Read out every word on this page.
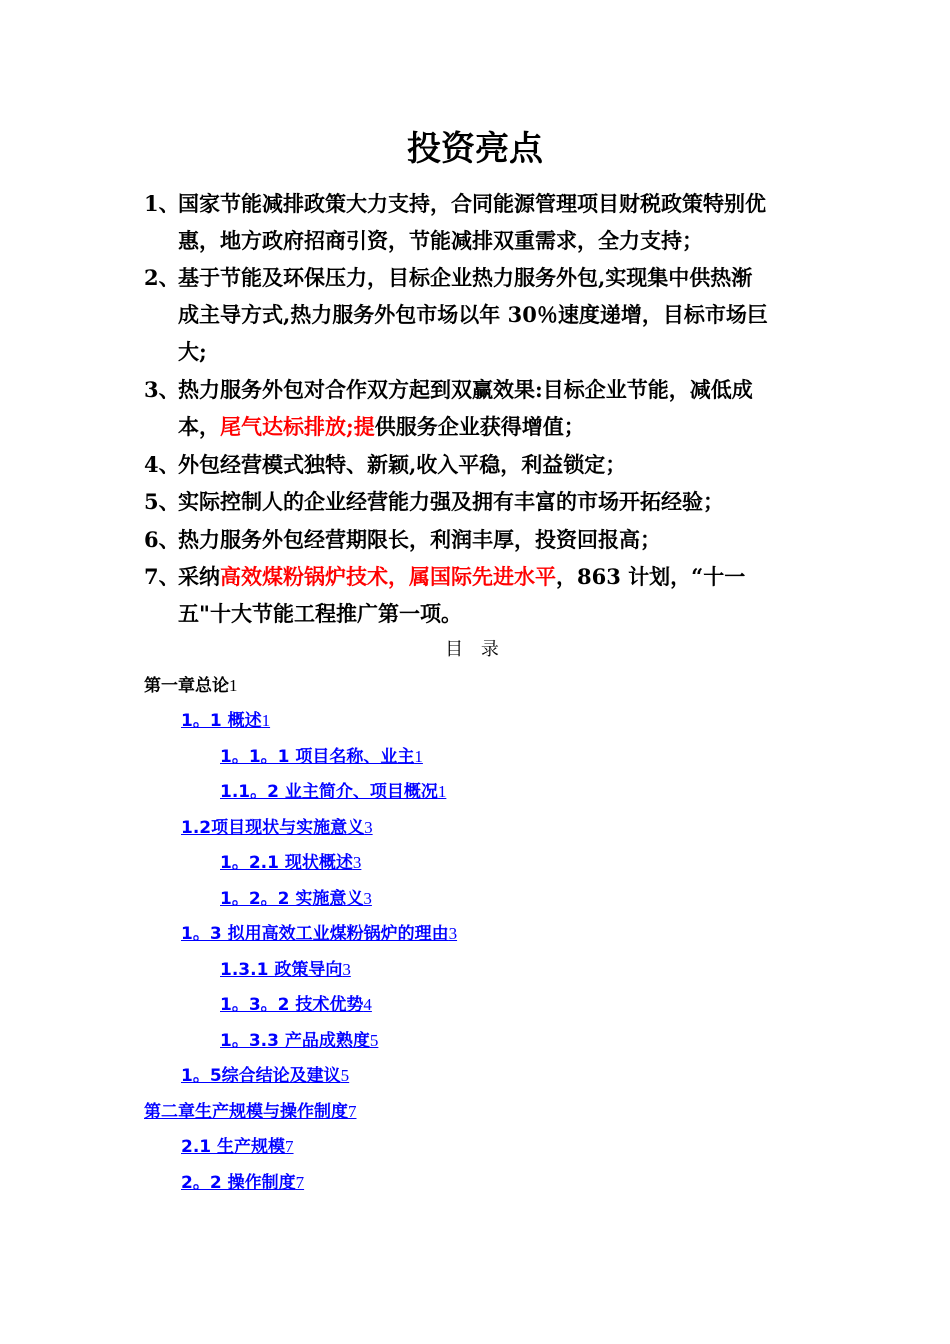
投资亮点
1、国家节能减排政策大力支持，合同能源管理项目财税政策特别优
惠，地方政府招商引资，节能减排双重需求，全力支持；
2、基于节能及环保压力，目标企业热力服务外包,实现集中供热渐
成主导方式,热力服务外包市场以年 30％速度递增，目标市场巨
大;
3、热力服务外包对合作双方起到双赢效果:目标企业节能，减低成
本，尾气达标排放;提供服务企业获得增值；
4、外包经营模式独特、新颖,收入平稳，利益锁定；
5、实际控制人的企业经营能力强及拥有丰富的市场开拓经验；
6、热力服务外包经营期限长，利润丰厚，投资回报高；
7、采纳高效煤粉锅炉技术，属国际先进水平，863 计划，“十一
五"十大节能工程推广第一项。
目 录
第一章总论1
1。1 概述1
1。1。1 项目名称、业主1
1.1。2 业主简介、项目概况1
1.2项目现状与实施意义3
1。2.1 现状概述3
1。2。2 实施意义3
1。3 拟用高效工业煤粉锅炉的理由3
1.3.1 政策导向3
1。3。2 技术优势4
1。3.3 产品成熟度5
1。5综合结论及建议5
第二章生产规模与操作制度7
2.1 生产规模7
2。2 操作制度7
